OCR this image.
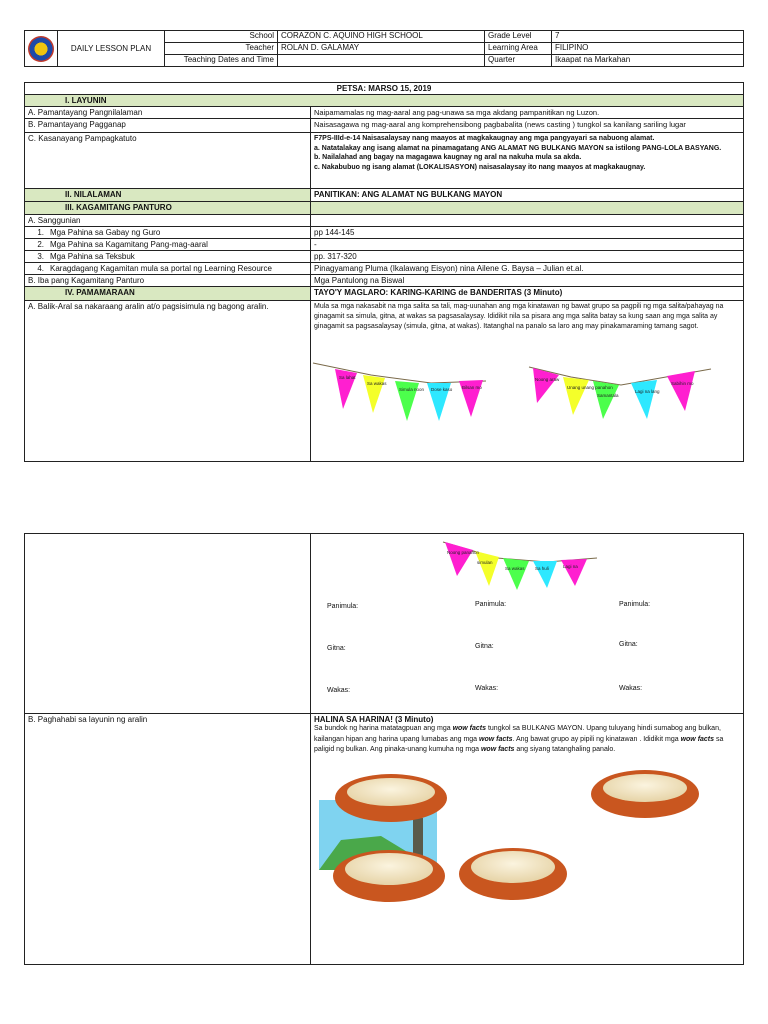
	DAILY LESSON PLAN	School	CORAZON C. AQUINO HIGH SCHOOL	Grade Level	7
		Teacher	ROLAN D. GALAMAY	Learning Area	FILIPINO
		Teaching Dates and Time		Quarter	Ikaapat na Markahan
PETSA: MARSO 15, 2019
I. LAYUNIN
A. Pamantayang Pangnilalaman	Naipamamalas ng mag-aaral ang pag-unawa sa mga akdang pampanitikan ng Luzon.
B. Pamantayang Pagganap	Naisasagawa ng mag-aaral ang komprehensibong pagbabalita (news casting ) tungkol sa kanilang sariling lugar
C. Kasanayang Pampagkatuto	F7PS-IIId-e-14 Naisasalaysay nang maayos at magkakaugnay ang mga pangyayari sa nabuong alamat.
a. Natatalakay ang isang alamat na pinamagatang ANG ALAMAT NG BULKANG MAYON sa istilong PANG-LOLA BASYANG.
b. Nailalahad ang bagay na magagawa kaugnay ng aral na nakuha mula sa akda.
c. Nakabubuo ng isang alamat (LOKALISASYON) naisasalaysay ito nang maayos at magkakaugnay.
II. NILALAMAN	PANITIKAN: ANG ALAMAT NG BULKANG MAYON
III. KAGAMITANG PANTURO
A. Sanggunian
1. Mga Pahina sa Gabay ng Guro	pp 144-145
2. Mga Pahina sa Kagamitang Pang-mag-aaral	-
3. Mga Pahina sa Teksbuk	pp. 317-320
4. Karagdagang Kagamitan mula sa portal ng Learning Resource	Pinagyamang Pluma (Ikalawang Eisyon) nina Ailene G. Baysa – Julian et.al.
B. Iba pang Kagamitang Panturo	Mga Pantulong na Biswal
IV. PAMAMARAAN	TAYO'Y MAGLARO: KARING-KARING de BANDERITAS (3 Minuto)
A. Balik-Aral sa nakaraang aralin at/o pagsisimula ng bagong aralin.	Mula sa mga nakasabit na mga salita sa tali, mag-uunahan ang mga kinatawan ng bawat grupo sa pagpili ng mga salita/pahayag na ginagamit sa simula, gitna, at wakas sa pagsasalaysay. Ididikit nila sa pisara ang mga salita batay sa kung saan ang mga salita ay ginagamit sa pagsasalaysay (simula, gitna, at wakas). Itatanghal na panalo sa laro ang may pinakamaraming tamang sagot.
Sa lahat
Sa wakas
Simula noon Dose kaso Bilsan mo
Noong araw
Unang unang panahon
Samantala
Lagi na lang
Sabihin mo
Noong panahon
simulan
Sa wakas Sa huli	Lagi na
Panimula:	Panimula:	Panimula:
Gitna:	Gitna:	Gitna:
Wakas:	Wakas:	Wakas:
B. Paghahabi sa layunin ng aralin	HALINA SA HARINA! (3 Minuto)
Sa bundok ng harina matatagpuan ang mga wow facts tungkol sa BULKANG MAYON. Upang tuluyang hindi sumabog ang bulkan, kailangan hipan ang harina upang lumabas ang mga wow facts. Ang bawat grupo ay pipili ng kinatawan . Ididikit mga wow facts sa paligid ng bulkan. Ang pinaka-unang kumuha ng mga wow facts ang siyang tatanghaling panalo.
